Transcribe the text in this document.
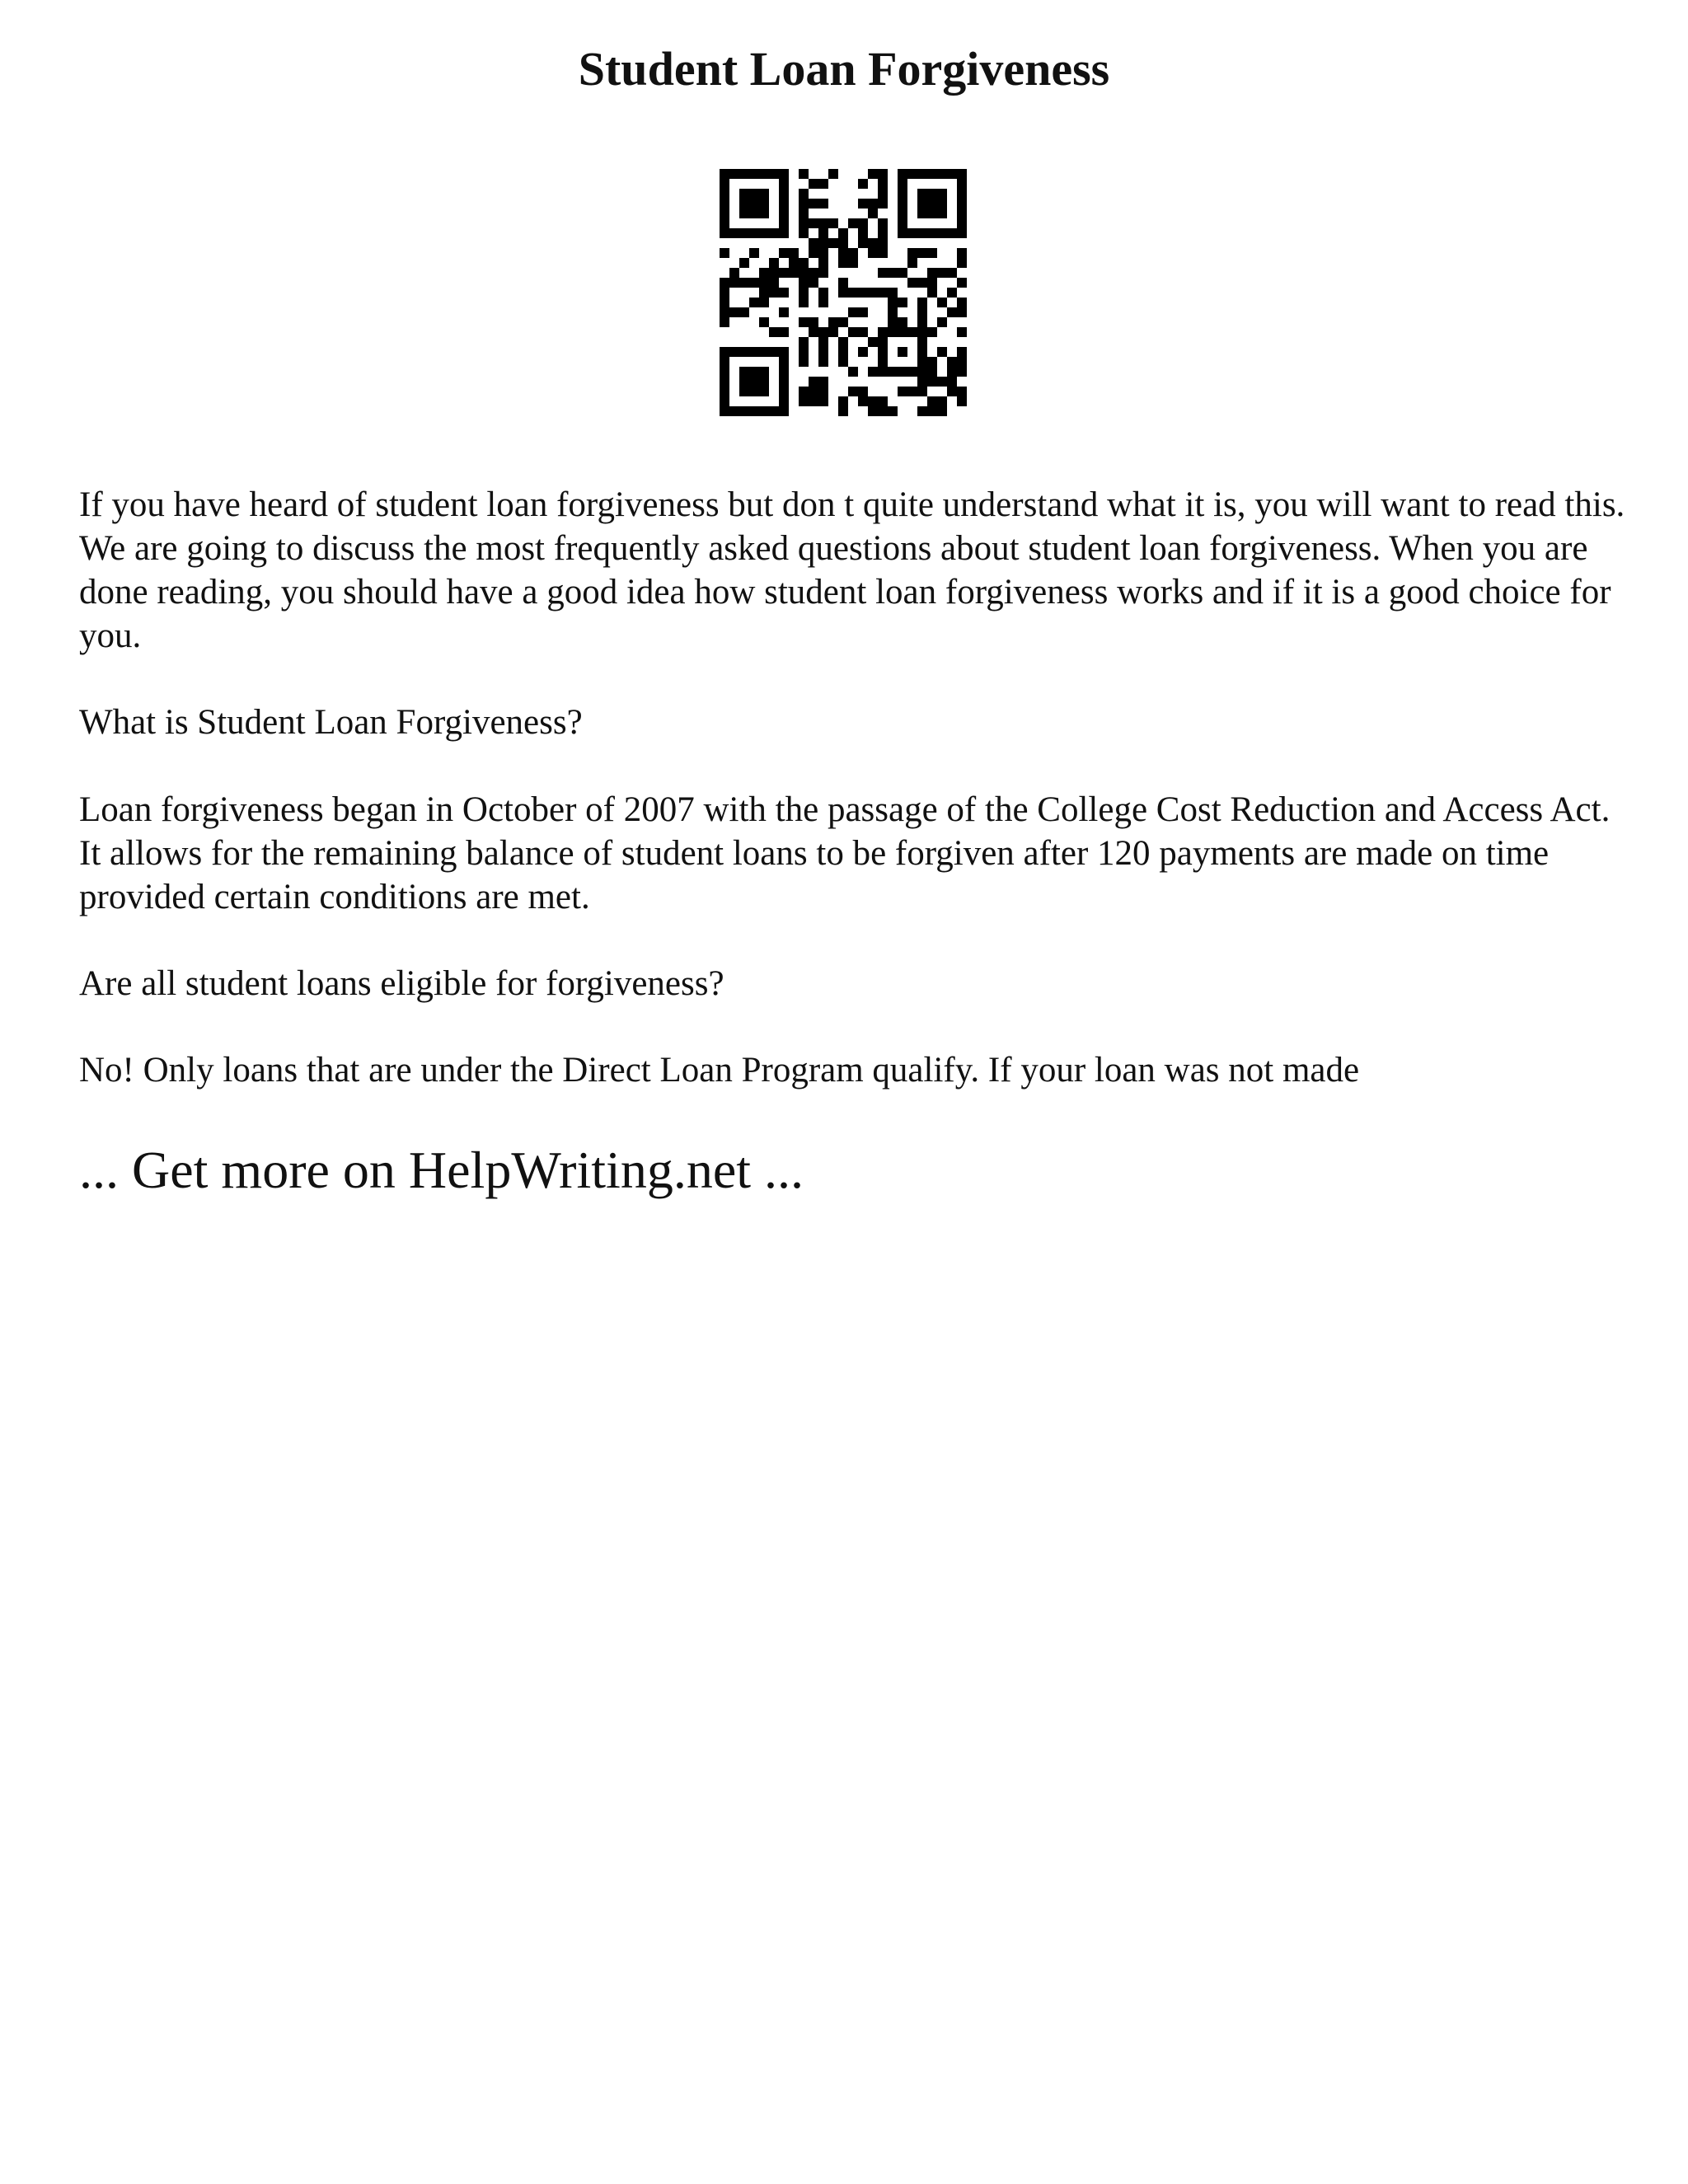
Student Loan Forgiveness

If you have heard of student loan forgiveness but don t quite understand what it is, you will want to read this. We are going to discuss the most frequently asked questions about student loan forgiveness. When you are done reading, you should have a good idea how student loan forgiveness works and if it is a good choice for you.

What is Student Loan Forgiveness?

Loan forgiveness began in October of 2007 with the passage of the College Cost Reduction and Access Act. It allows for the remaining balance of student loans to be forgiven after 120 payments are made on time provided certain conditions are met.

Are all student loans eligible for forgiveness?

No! Only loans that are under the Direct Loan Program qualify. If your loan was not made

... Get more on HelpWriting.net ...
